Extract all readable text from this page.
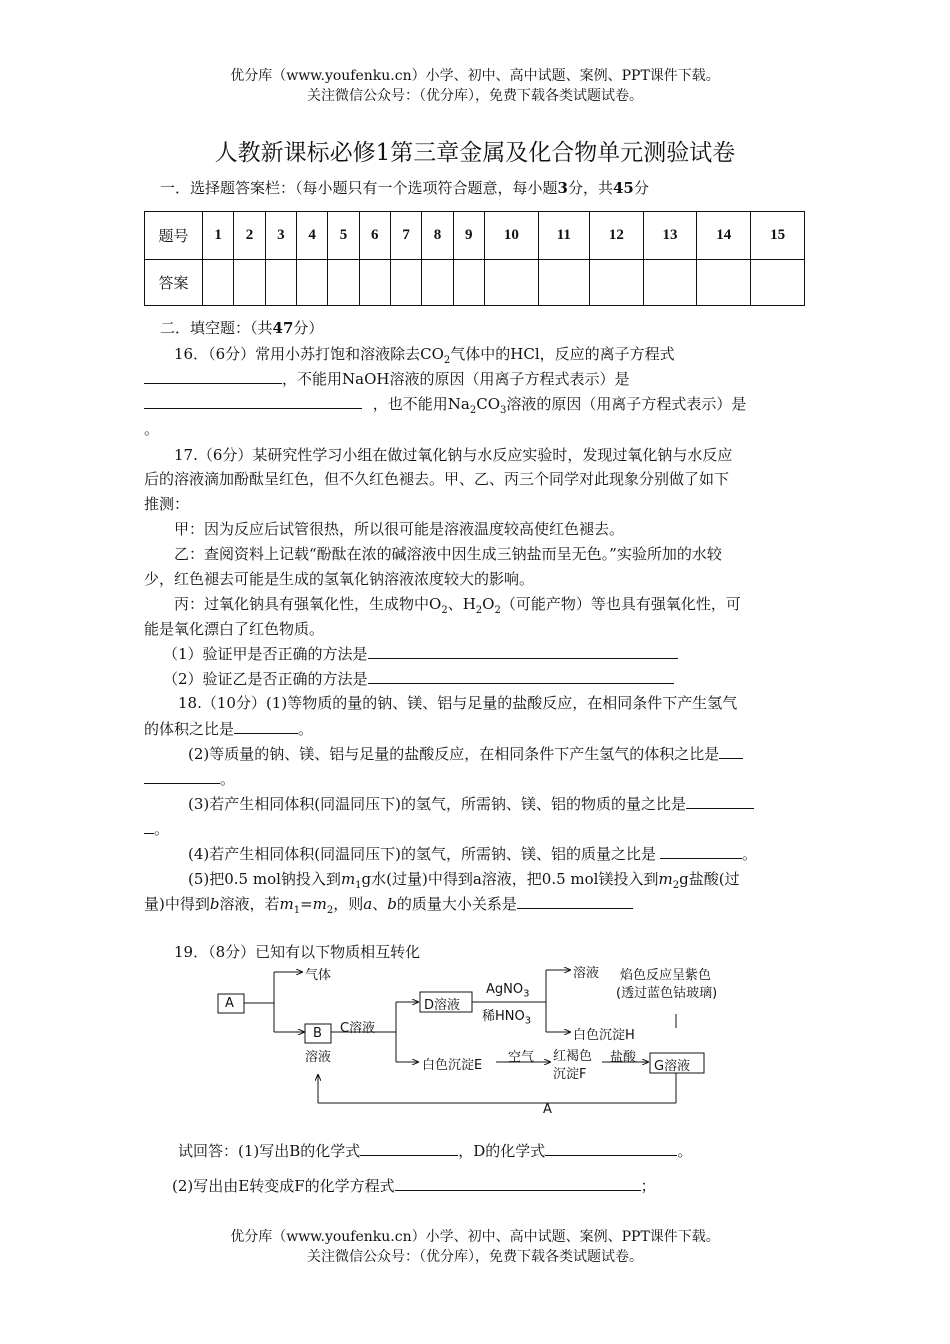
优分库（www.youfenku.cn）小学、初中、高中试题、案例、PPT课件下载。
关注微信公众号：（优分库），免费下载各类试题试卷。
人教新课标必修1第三章金属及化合物单元测验试卷
一．选择题答案栏：（每小题只有一个选项符合题意，每小题3分，共45分
题号	1	2	3	4	5	6	7	8	9	10	11	12	13	14	15
答案															
二．填空题：（共47分）
16．（6分）常用小苏打饱和溶液除去$CO_2$气体中的HCl，反应的离子方程式
，不能用NaOH溶液的原因（用离子方程式表示）是
，也不能用$Na_2CO_3$溶液的原因（用离子方程式表示）是
。
17.（6分）某研究性学习小组在做过氧化钠与水反应实验时，发现过氧化钠与水反应
后的溶液滴加酚酞呈红色，但不久红色褪去。甲、乙、丙三个同学对此现象分别做了如下
推测：
甲：因为反应后试管很热，所以很可能是溶液温度较高使红色褪去。
乙：查阅资料上记载“酚酞在浓的碱溶液中因生成三钠盐而呈无色。”实验所加的水较
少，红色褪去可能是生成的氢氧化钠溶液浓度较大的影响。
丙：过氧化钠具有强氧化性，生成物中$O_2$、$H_2O_2$（可能产物）等也具有强氧化性，可
能是氧化漂白了红色物质。
（1）验证甲是否正确的方法是
（2）验证乙是否正确的方法是
18.（10分）(1)等物质的量的钠、镁、铝与足量的盐酸反应，在相同条件下产生氢气
的体积之比是	。
(2)等质量的钠、镁、铝与足量的盐酸反应，在相同条件下产生氢气的体积之比是
。
(3)若产生相同体积(同温同压下)的氢气，所需钠、镁、铝的物质的量之比是
。
(4)若产生相同体积(同温同压下)的氢气，所需钠、镁、铝的质量之比是	。
(5)把0.5 mol钠投入到$m_1g$水(过量)中得到a溶液，把0.5 mol镁投入到$m_2g$盐酸(过
量)中得到b溶液，若$m_1=m_2$，则a、b的质量大小关系是
19．（8分）已知有以下物质相互转化
A
气体
B
溶液
C溶液
D溶液
AgNO$_3$
稀$HNO_3$
溶液 焰色反应呈紫色
(透过蓝色钴玻璃)
白色沉淀H
白色沉淀E
空气 红褐色
沉淀F
盐酸
G溶液
A
试回答：(1)写出B的化学式	，D的化学式	。
(2)写出由E转变成F的化学方程式	；
优分库（www.youfenku.cn）小学、初中、高中试题、案例、PPT课件下载。
关注微信公众号：（优分库），免费下载各类试题试卷。
